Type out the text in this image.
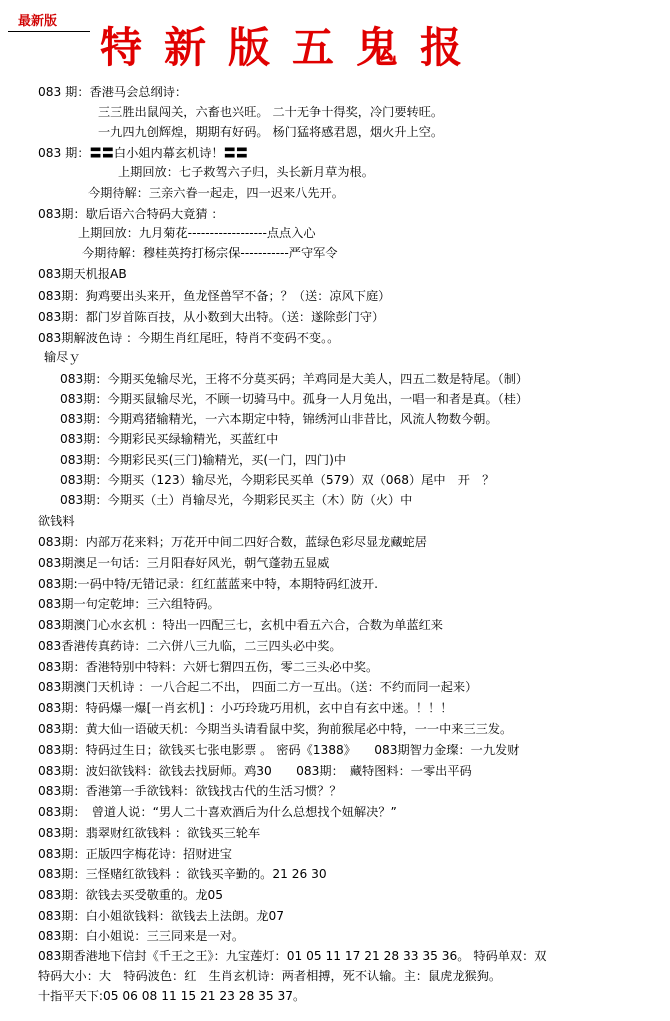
最新版
特新版五鬼报
083 期：香港马会总纲诗：
三三胜出鼠闯关，六畜也兴旺。 二十无争十得奖，冷门要转旺。
一九四九创辉煌，期期有好码。 杨门猛将感君恩，烟火升上空。
083 期：〓〓白小姐内幕玄机诗！〓〓
上期回放：七子救驾六子归，头长新月草为根。
今期待解：三亲六眷一起走，四一迟来八先开。
083期：歇后语六合特码大竟猜 ：
上期回放：九月菊花------------------点点入心
今期待解：穆桂英挎打杨宗保-----------严守军令
083期天机报AB
083期：狗鸡要出头来开，鱼龙怪兽罕不备；？（送：凉风下庭）
083期：都门岁首陈百技，从小数到大出特。（送：遂除彭门守）
083期解波色诗 ：今期生肖红尾旺，特肖不变码不变。。
输尽ｙ
083期：今期买兔输尽光，王将不分莫买码；羊鸡同是大美人，四五二数是特尾。（制）
083期：今期买鼠输尽光，不顾一切骑马中。孤身一人月兔出，一唱一和者是真。（桂）
083期：今期鸡猪输精光，一六本期定中特，锦绣河山非昔比，风流人物数今朝。
083期：今期彩民买绿输精光，买蓝红中
083期：今期彩民买(三门)输精光，买(一门，四门)中
083期：今期买（123）输尽光，今期彩民买单（579）双（068）尾中　开　？
083期：今期买（土）肖输尽光，今期彩民买主（木）防（火）中
欲钱料
083期：内部万花来料；万花开中间二四好合数，蓝绿色彩尽显龙藏蛇居
083期澳足一句话：三月阳春好风光，朝气蓬勃五显威
083期:一码中特/无错记录：红红蓝蓝来中特，本期特码红波开.
083期一句定乾坤：三六组特码。
083期澳门心水玄机 ：特出一四配三七，玄机中看五六合，合数为单蓝红来
083香港传真药诗：二六併八三九临，二三四头必中奖。
083期：香港特别中特料：六妍七猬四五伤，零二三头必中奖。
083期澳门天机诗 ：一八合起二不出， 四面二方一互出。（送：不约而同一起来）
083期：特码爆一爆[一肖玄机] ：小巧玲珑巧用机，玄中自有玄中迷。！！！
083期：黄大仙一语破天机：今期当头请看鼠中奖，狗前猴尾必中特，一一中来三三发。
083期：特码过生日；欲钱买七张电影票 。 密码《1388》　　083期智力金璨：一九发财
083期：波妇欲钱料：欲钱去找厨师。鸡30　　083期：　藏特图料：一零出平码
083期：香港第一手欲钱料：欲钱找古代的生活习惯？？
083期：　曾道人说：“男人二十喜欢酒后为什么总想找个妞解决？”
083期：翡翠财红欲钱料 ：欲钱买三轮车
083期：正版四字梅花诗：招财进宝
083期：三怪赌红欲钱料 ：欲钱买辛勤的。21 26 30
083期：欲钱去买受敬重的。龙05
083期：白小姐欲钱料：欲钱去上法朗。龙07
083期：白小姐说：三三同来是一对。
083期香港地下信封《千王之王》：九宝莲灯：01 05 11 17 21 28 33 35 36。 特码单双：双
特码大小：大　特码波色：红　生肖玄机诗：两者相搏，死不认输。主：鼠虎龙猴狗。
十指平天下:05 06 08 11 15 21 23 28 35 37。
